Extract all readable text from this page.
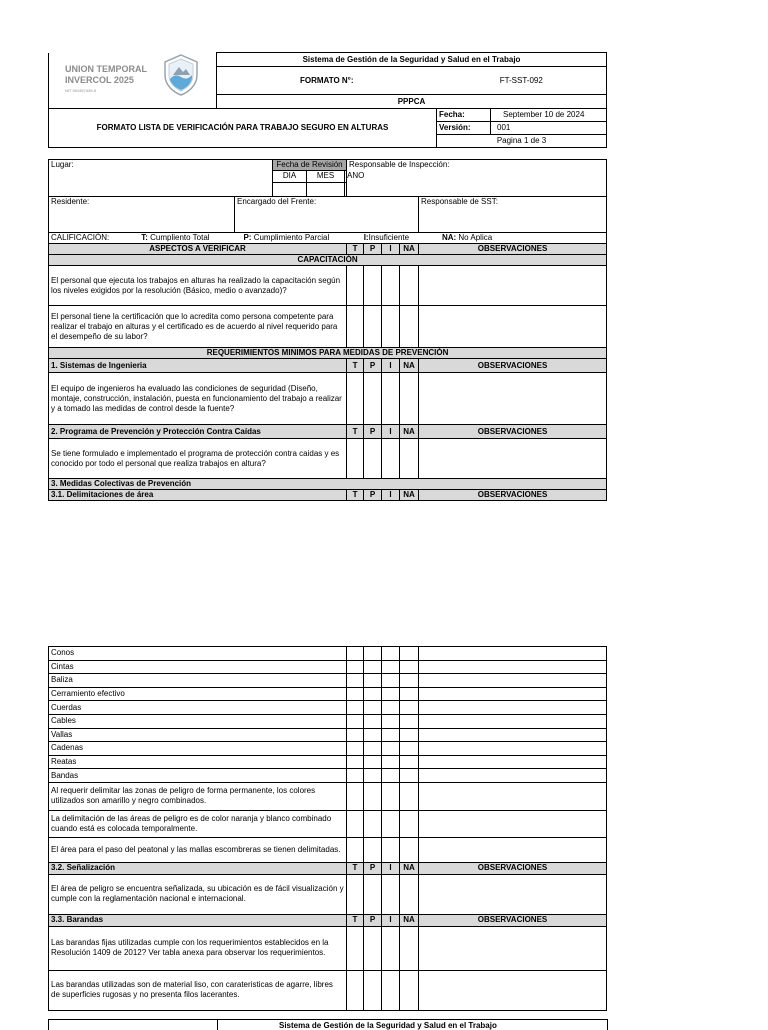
UNION TEMPORAL
INVERCOL 2025
NIT 901957439-5	Sistema de Gestión de la Seguridad y Salud en el Trabajo		
	FORMATO N°:	FT-SST-092	
	PPPCA		
FORMATO LISTA DE VERIFICACIÓN PARA TRABAJO SEGURO EN ALTURAS		Fecha:	September 10 de 2024
		Versión:	001
		Pagina 1 de 3	
Lugar:		Fecha de Revisión			Responsable de Inspección:				
		DIA	MES	ANO					

Residente:	Encargado del Frente:								Responsable de SST:
CALIFICACIÓN: T: Cumpliento Total P: Cumplimiento Parcial I:Insuficiente NA: No Aplica									
ASPECTOS A VERIFICAR					T	P	I	NA	OBSERVACIONES
CAPACITACIÓN									
El personal que ejecuta los trabajos en alturas ha realizado la capacitación según los niveles exigidos por la resolución (Básico, medio o avanzado)?									
El personal tiene la certificación que lo acredita como persona competente para realizar el trabajo en alturas y el certificado es de acuerdo al nivel requerido para el desempeño de su labor?									
REQUERIMIENTOS MINIMOS PARA MEDIDAS DE PREVENCIÓN									
1. Sistemas de Ingenieria					T	P	I	NA	OBSERVACIONES
El equipo de ingenieros ha evaluado las condiciones de seguridad (Diseño, montaje, construcción, instalación, puesta en funcionamiento del trabajo a realizar y a tomado las medidas de control desde la fuente?									
2. Programa de Prevención y Protección Contra Caídas					T	P	I	NA	OBSERVACIONES
Se tiene formulado e implementado el programa de protección contra caidas y es conocido por todo el personal que realiza trabajos en altura?									
3. Medidas Colectivas de Prevención									
3.1. Delimitaciones de área					T	P	I	NA	OBSERVACIONES
Conos					
Cintas					
Baliza					
Cerramiento efectivo					
Cuerdas					
Cables					
Vallas					
Cadenas					
Reatas					
Bandas					
Al requerir delimitar las zonas de peligro de forma permanente, los colores utilizados son amarillo y negro combinados.					
La delimitación de las áreas de peligro es de color naranja y blanco combinado cuando está es colocada temporalmente.					
El área para el paso del peatonal y las mallas escombreras se tienen delimitadas.					
3.2. Señalización	T	P	I	NA	OBSERVACIONES
El área de peligro se encuentra señalizada, su ubicación es de fácil visualización y cumple con la reglamentación nacional e internacional.					
3.3. Barandas	T	P	I	NA	OBSERVACIONES
Las barandas fijas utilizadas cumple con los requerimientos establecidos en la Resolución 1409 de 2012? Ver tabla anexa para observar los requerimientos.					
Las barandas utilizadas son de material liso, con carateristicas de agarre, libres de superficies rugosas y no presenta filos lacerantes.					
Sistema de Gestión de la Seguridad y Salud en el Trabajo
